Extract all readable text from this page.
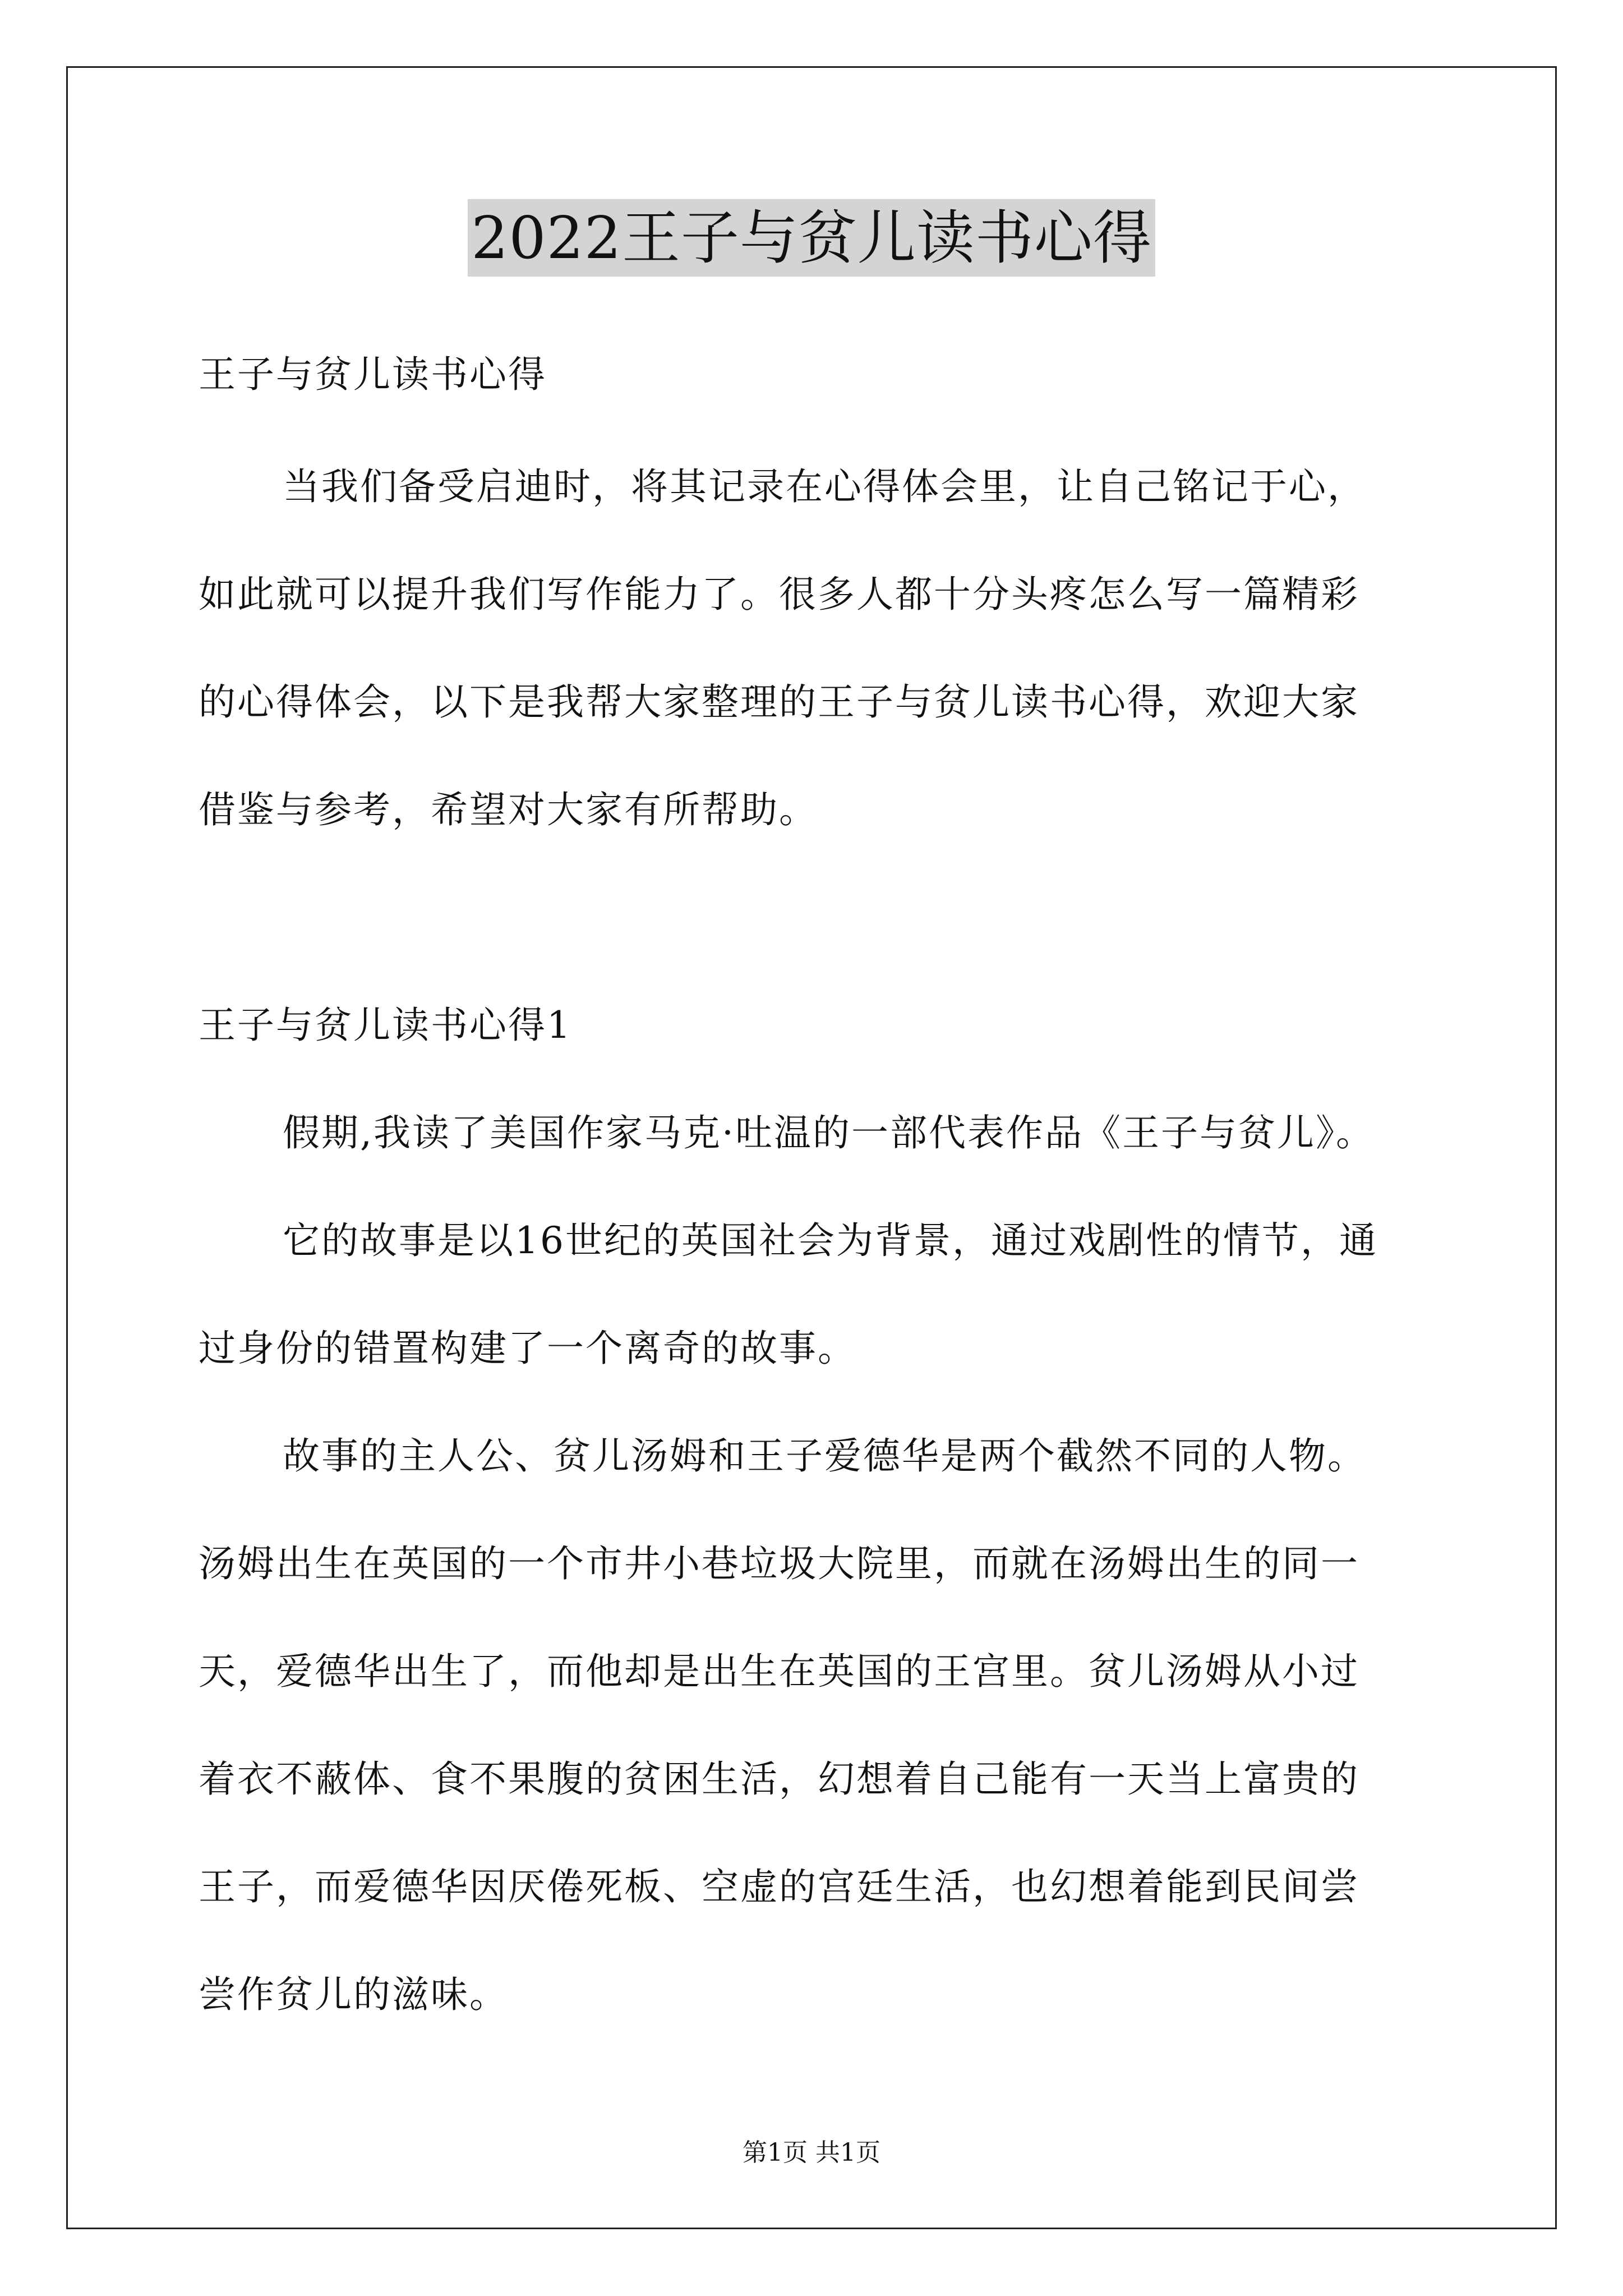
2022王子与贫儿读书心得
王子与贫儿读书心得
当我们备受启迪时，将其记录在心得体会里，让自己铭记于心，
如此就可以提升我们写作能力了。很多人都十分头疼怎么写一篇精彩
的心得体会，以下是我帮大家整理的王子与贫儿读书心得，欢迎大家
借鉴与参考，希望对大家有所帮助。
王子与贫儿读书心得1
假期,我读了美国作家马克·吐温的一部代表作品《王子与贫儿》。
它的故事是以16世纪的英国社会为背景，通过戏剧性的情节，通
过身份的错置构建了一个离奇的故事。
故事的主人公、贫儿汤姆和王子爱德华是两个截然不同的人物。
汤姆出生在英国的一个市井小巷垃圾大院里，而就在汤姆出生的同一
天，爱德华出生了，而他却是出生在英国的王宫里。贫儿汤姆从小过
着衣不蔽体、食不果腹的贫困生活，幻想着自己能有一天当上富贵的
王子，而爱德华因厌倦死板、空虚的宫廷生活，也幻想着能到民间尝
尝作贫儿的滋味。
第1页 共1页
